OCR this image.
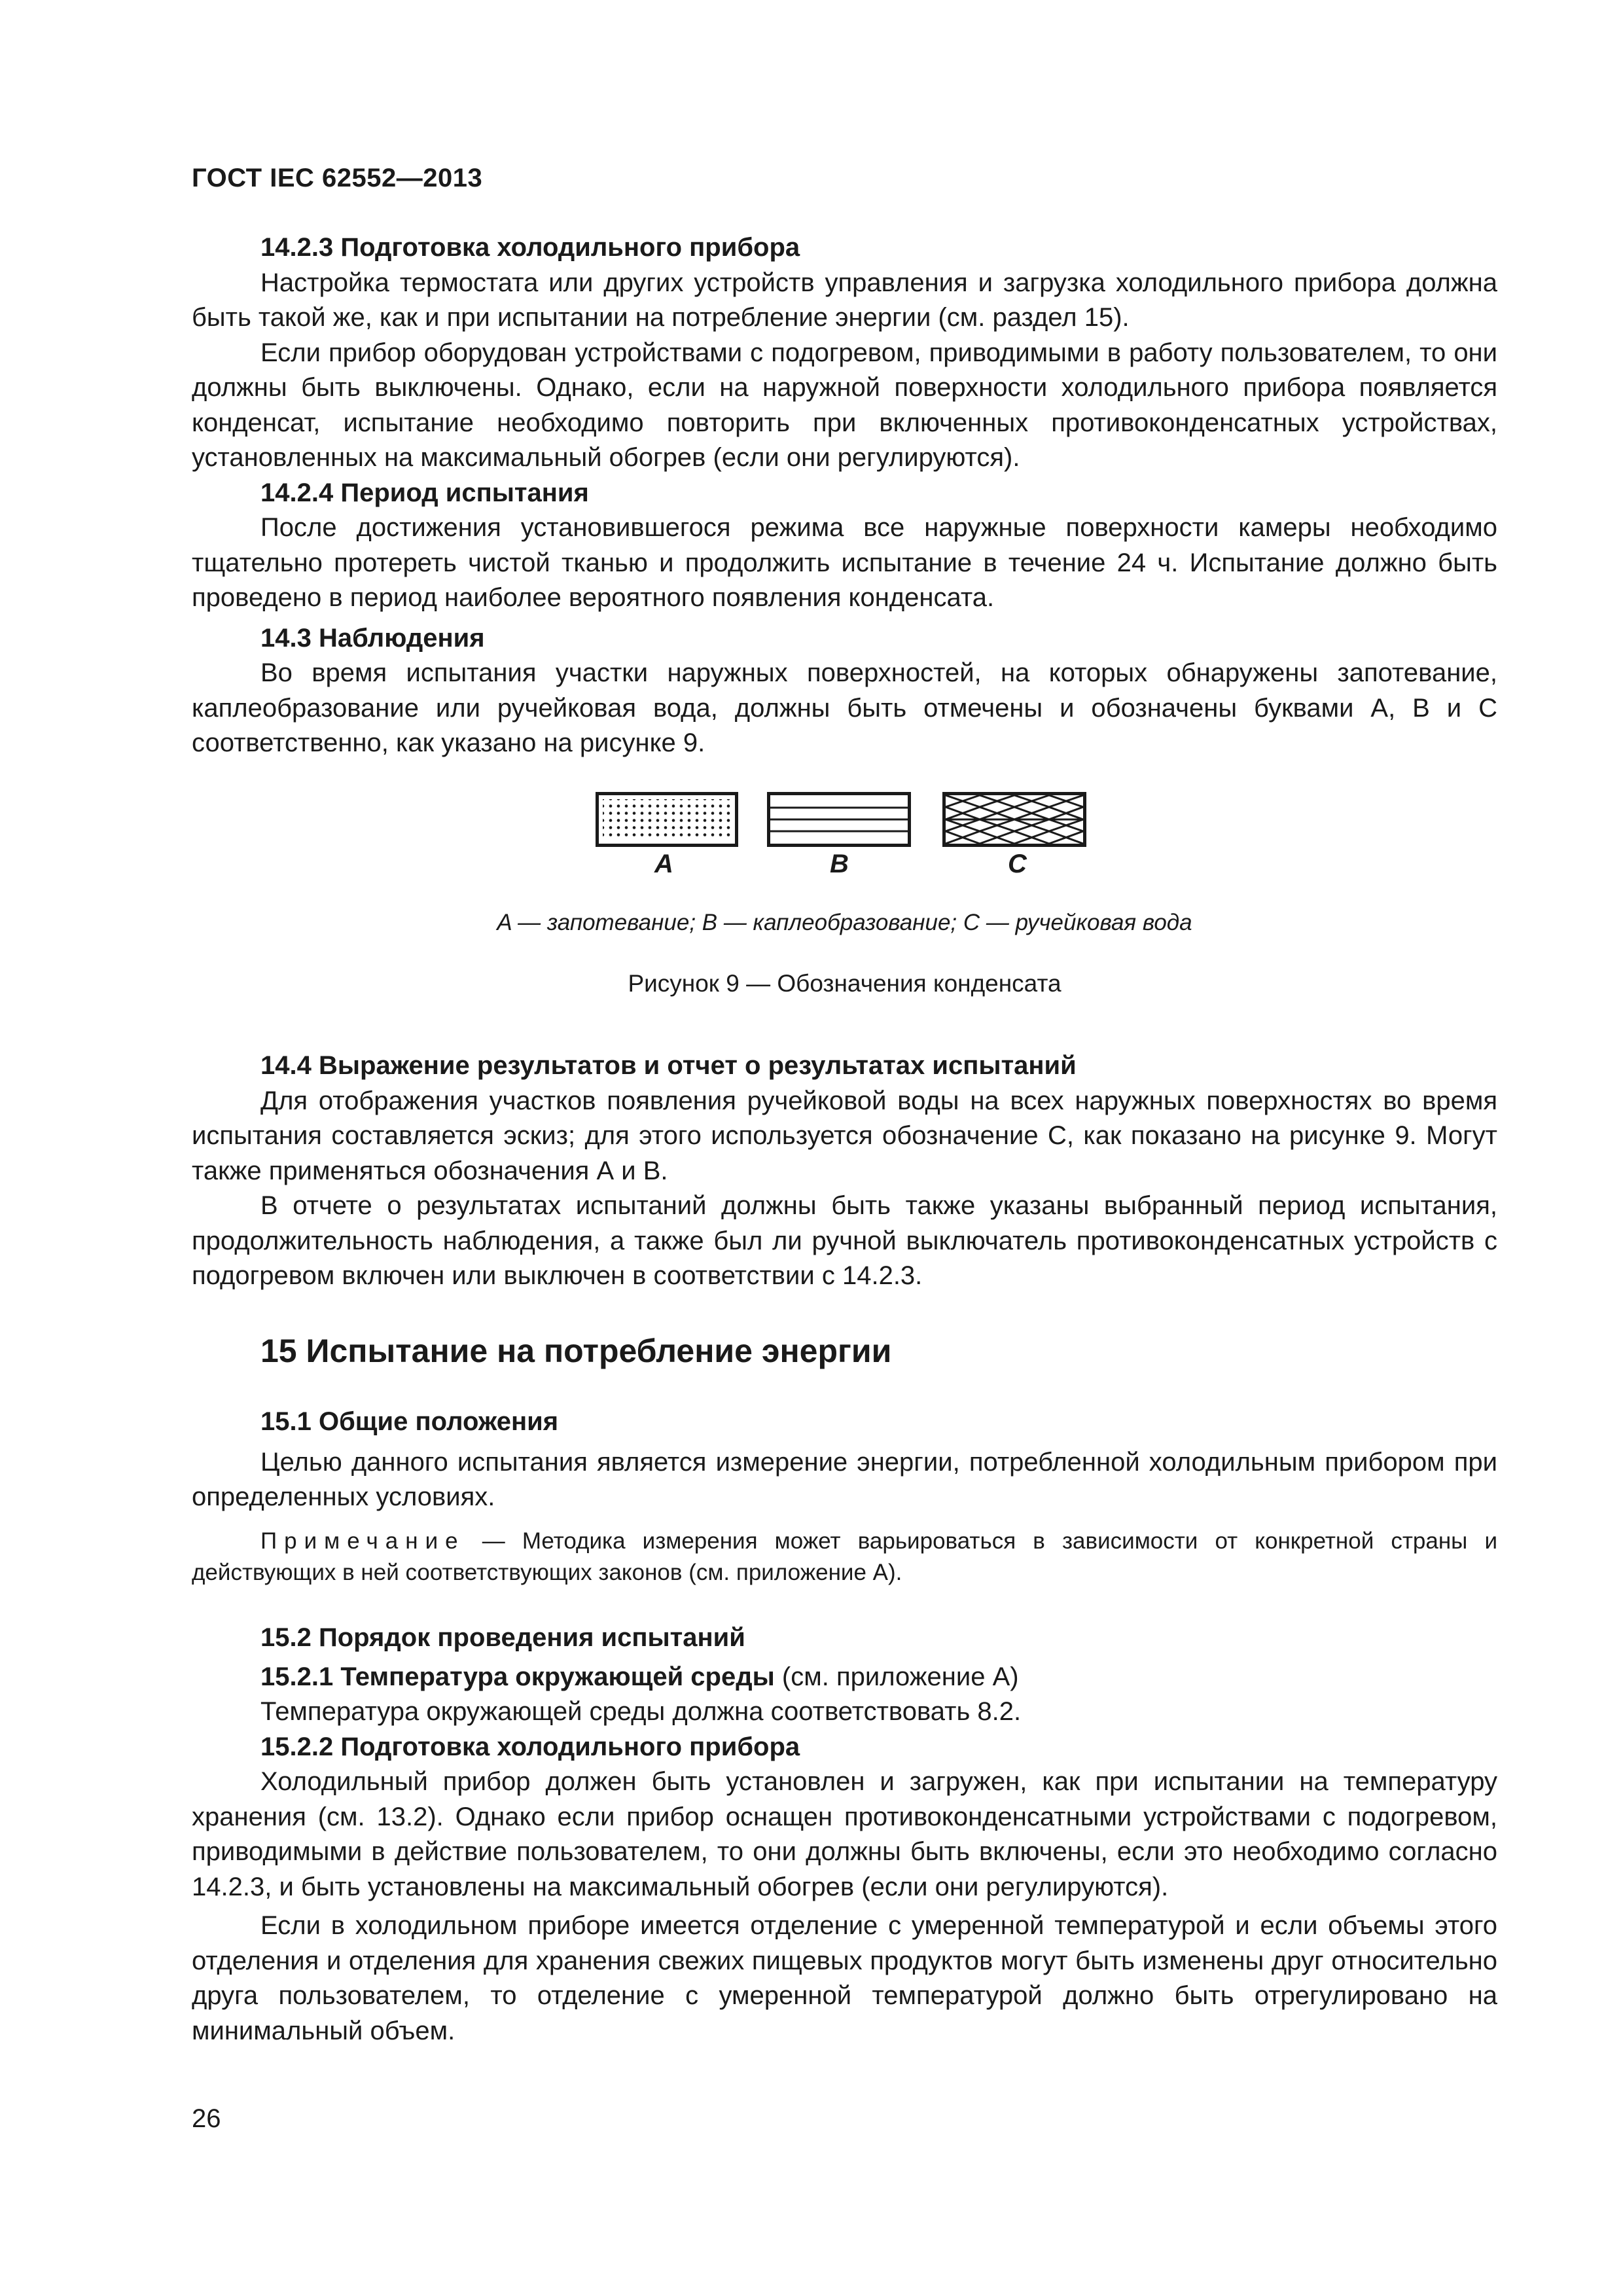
ГОСТ IEC 62552—2013
14.2.3 Подготовка холодильного прибора

Настройка термостата или других устройств управления и загрузка холодильного прибора должна быть такой же, как и при испытании на потребление энергии (см. раздел 15).

Если прибор оборудован устройствами с подогревом, приводимыми в работу пользователем, то они должны быть выключены. Однако, если на наружной поверхности холодильного прибора появляется конденсат, испытание необходимо повторить при включенных противоконденсатных устройствах, установленных на максимальный обогрев (если они регулируются).

14.2.4 Период испытания

После достижения установившегося режима все наружные поверхности камеры необходимо тщательно протереть чистой тканью и продолжить испытание в течение 24 ч. Испытание должно быть проведено в период наиболее вероятного появления конденсата.

14.3 Наблюдения

Во время испытания участки наружных поверхностей, на которых обнаружены запотевание, каплеобразование или ручейковая вода, должны быть отмечены и обозначены буквами А, В и С соответственно, как указано на рисунке 9.

A	B	C
A — запотевание; B — каплеобразование; C — ручейковая вода
Рисунок 9 — Обозначения конденсата
14.4 Выражение результатов и отчет о результатах испытаний

Для отображения участков появления ручейковой воды на всех наружных поверхностях во время испытания составляется эскиз; для этого используется обозначение С, как показано на рисунке 9. Могут также применяться обозначения А и В.

В отчете о результатах испытаний должны быть также указаны выбранный период испытания, продолжительность наблюдения, а также был ли ручной выключатель противоконденсатных устройств с подогревом включен или выключен в соответствии с 14.2.3.

15 Испытание на потребление энергии
15.1 Общие положения

Целью данного испытания является измерение энергии, потребленной холодильным прибором при определенных условиях.

Примечание — Методика измерения может варьироваться в зависимости от конкретной страны и действующих в ней соответствующих законов (см. приложение А).

15.2 Порядок проведения испытаний

15.2.1 Температура окружающей среды (см. приложение А)

Температура окружающей среды должна соответствовать 8.2.

15.2.2 Подготовка холодильного прибора

Холодильный прибор должен быть установлен и загружен, как при испытании на температуру хранения (см. 13.2). Однако если прибор оснащен противоконденсатными устройствами с подогревом, приводимыми в действие пользователем, то они должны быть включены, если это необходимо согласно 14.2.3, и быть установлены на максимальный обогрев (если они регулируются).

Если в холодильном приборе имеется отделение с умеренной температурой и если объемы этого отделения и отделения для хранения свежих пищевых продуктов могут быть изменены друг относительно друга пользователем, то отделение с умеренной температурой должно быть отрегулировано на минимальный объем.

26
